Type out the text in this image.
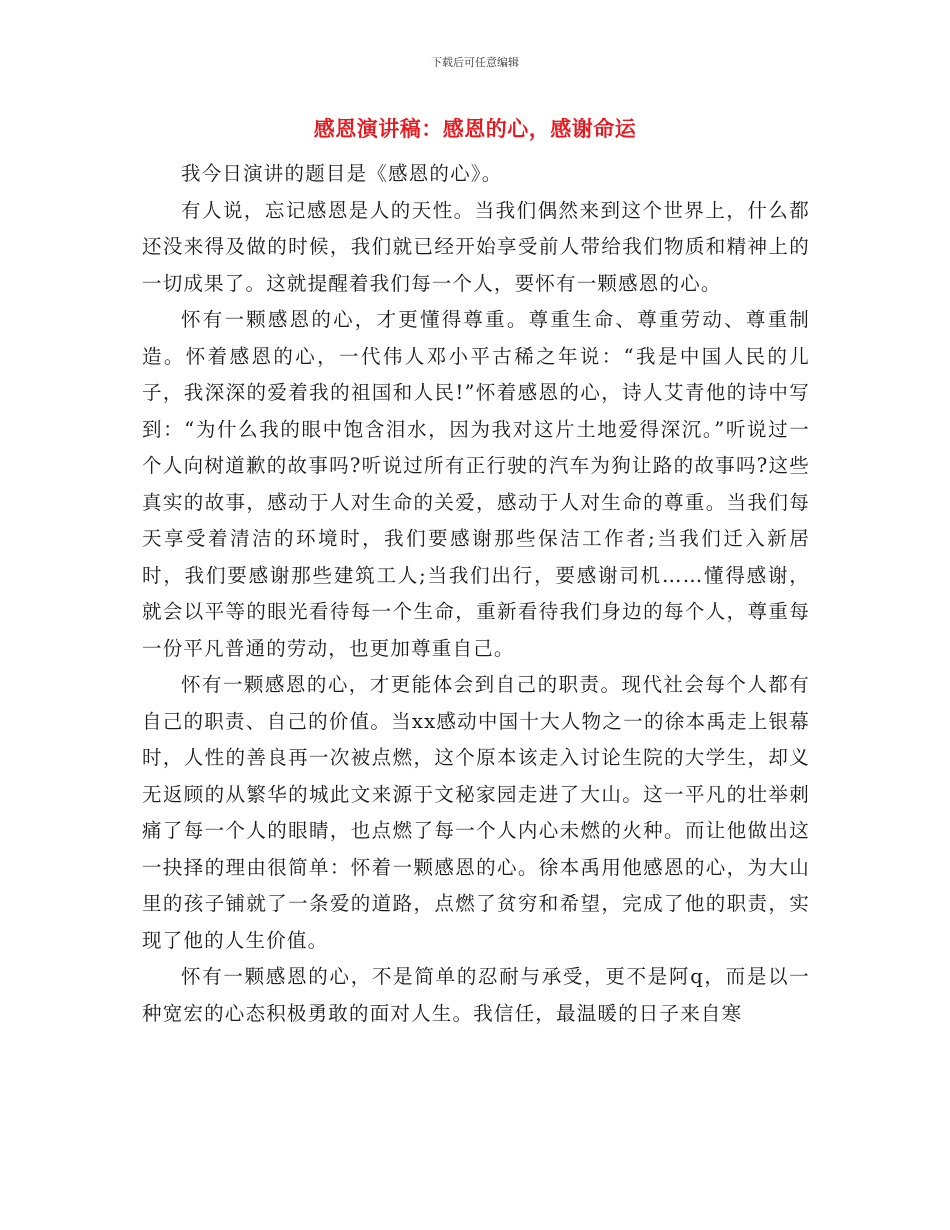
下载后可任意编辑
感恩演讲稿：感恩的心，感谢命运

我今日演讲的题目是《感恩的心》。

有人说，忘记感恩是人的天性。当我们偶然来到这个世界上，什么都还没来得及做的时候，我们就已经开始享受前人带给我们物质和精神上的一切成果了。这就提醒着我们每一个人，要怀有一颗感恩的心。

怀有一颗感恩的心，才更懂得尊重。尊重生命、尊重劳动、尊重制造。怀着感恩的心，一代伟人邓小平古稀之年说：“我是中国人民的儿子，我深深的爱着我的祖国和人民!”怀着感恩的心，诗人艾青他的诗中写到：“为什么我的眼中饱含泪水，因为我对这片土地爱得深沉。”听说过一个人向树道歉的故事吗?听说过所有正行驶的汽车为狗让路的故事吗?这些真实的故事，感动于人对生命的关爱，感动于人对生命的尊重。当我们每天享受着清洁的环境时，我们要感谢那些保洁工作者;当我们迁入新居时，我们要感谢那些建筑工人;当我们出行，要感谢司机……懂得感谢，就会以平等的眼光看待每一个生命，重新看待我们身边的每个人，尊重每一份平凡普通的劳动，也更加尊重自己。

怀有一颗感恩的心，才更能体会到自己的职责。现代社会每个人都有自己的职责、自己的价值。当xx感动中国十大人物之一的徐本禹走上银幕时，人性的善良再一次被点燃，这个原本该走入讨论生院的大学生，却义无返顾的从繁华的城此文来源于文秘家园走进了大山。这一平凡的壮举刺痛了每一个人的眼睛，也点燃了每一个人内心未燃的火种。而让他做出这一抉择的理由很简单：怀着一颗感恩的心。徐本禹用他感恩的心，为大山里的孩子铺就了一条爱的道路，点燃了贫穷和希望，完成了他的职责，实现了他的人生价值。

怀有一颗感恩的心，不是简单的忍耐与承受，更不是阿q，而是以一种宽宏的心态积极勇敢的面对人生。我信任，最温暖的日子来自寒
